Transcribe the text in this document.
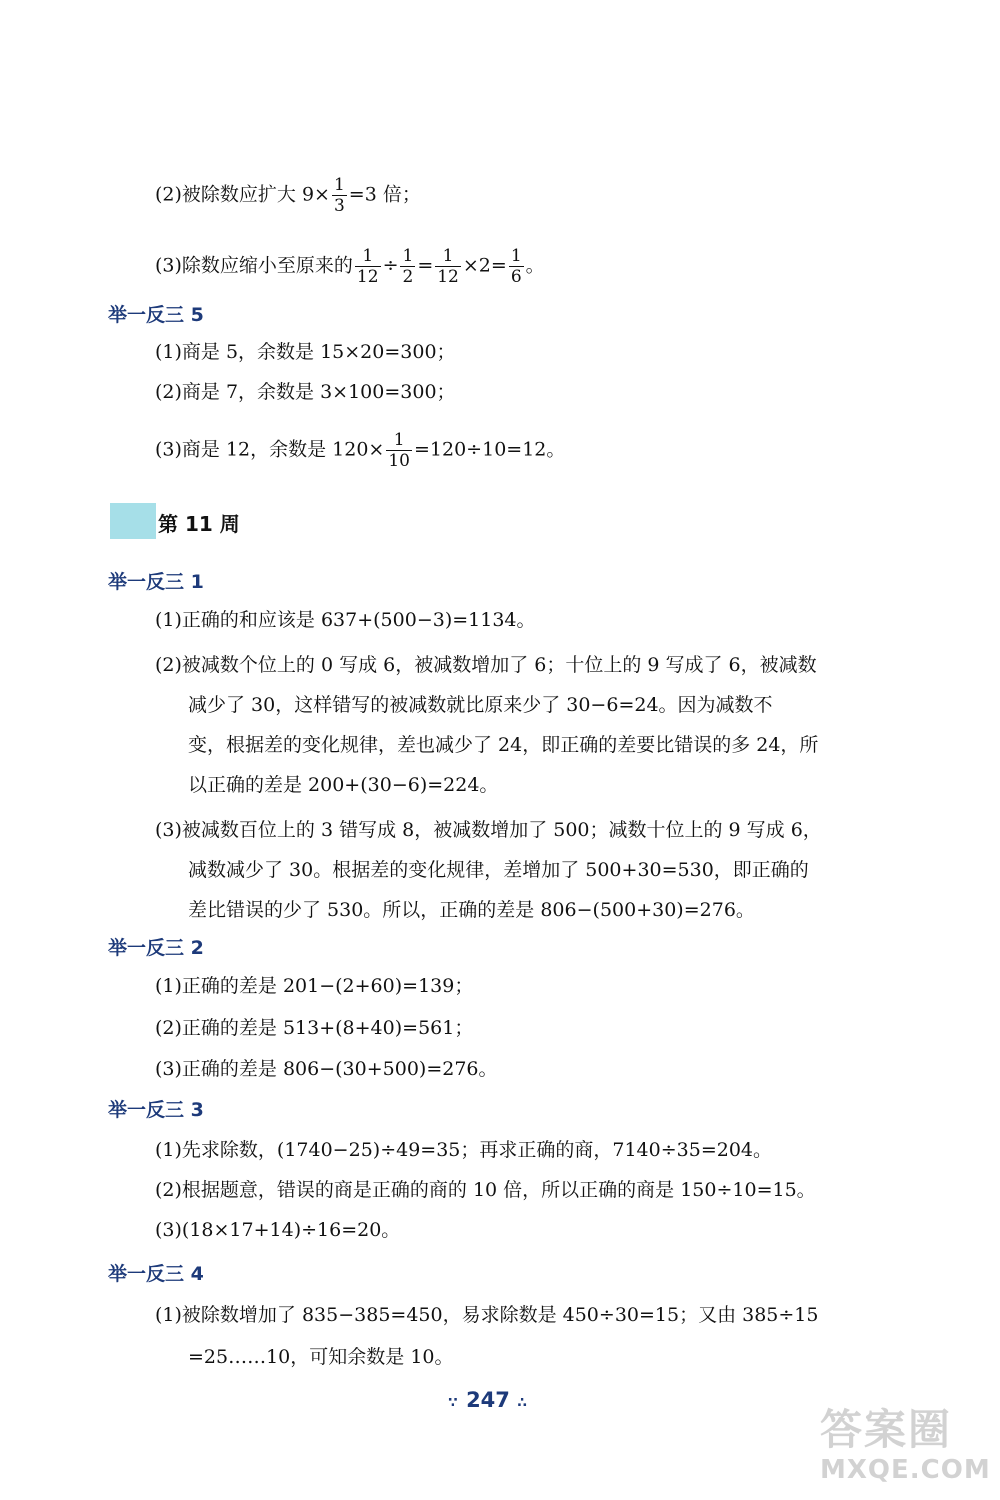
(2)被除数应扩大 $9\times \frac{1}{3} =3$ 倍；
(3)除数应缩小至原来的 $\frac{1}{12} \div \frac{1}{2} = \frac{1}{12} \times 2= \frac{1}{6}$ 。
举一反三 5
(1)商是 5，余数是 15×20=300；
(2)商是 7，余数是 3×100=300；
(3)商是 12，余数是 $120\times \frac{1}{10} =120\div 10=12$。
第 11 周
举一反三 1
(1)正确的和应该是 637+(500−3)=1134。
(2)被减数个位上的 0 写成 6，被减数增加了 6；十位上的 9 写成了 6，被减数
减少了 30，这样错写的被减数就比原来少了 30−6=24。因为减数不
变，根据差的变化规律，差也减少了 24，即正确的差要比错误的多 24，所
以正确的差是 200+(30−6)=224。
(3)被减数百位上的 3 错写成 8，被减数增加了 500；减数十位上的 9 写成 6，
减数减少了 30。根据差的变化规律，差增加了 500+30=530，即正确的
差比错误的少了 530。所以，正确的差是 806−(500+30)=276。
举一反三 2
(1)正确的差是 201−(2+60)=139；
(2)正确的差是 513+(8+40)=561；
(3)正确的差是 806−(30+500)=276。
举一反三 3
(1)先求除数，(1740−25)÷49=35；再求正确的商，7140÷35=204。
(2)根据题意，错误的商是正确的商的 10 倍，所以正确的商是 150÷10=15。
(3)(18×17+14)÷16=20。
举一反三 4
(1)被除数增加了 835−385=450，易求除数是 450÷30=15；又由 385÷15
=25……10，可知余数是 10。
∵ 247 ∴
答案圈
MXQE.COM
